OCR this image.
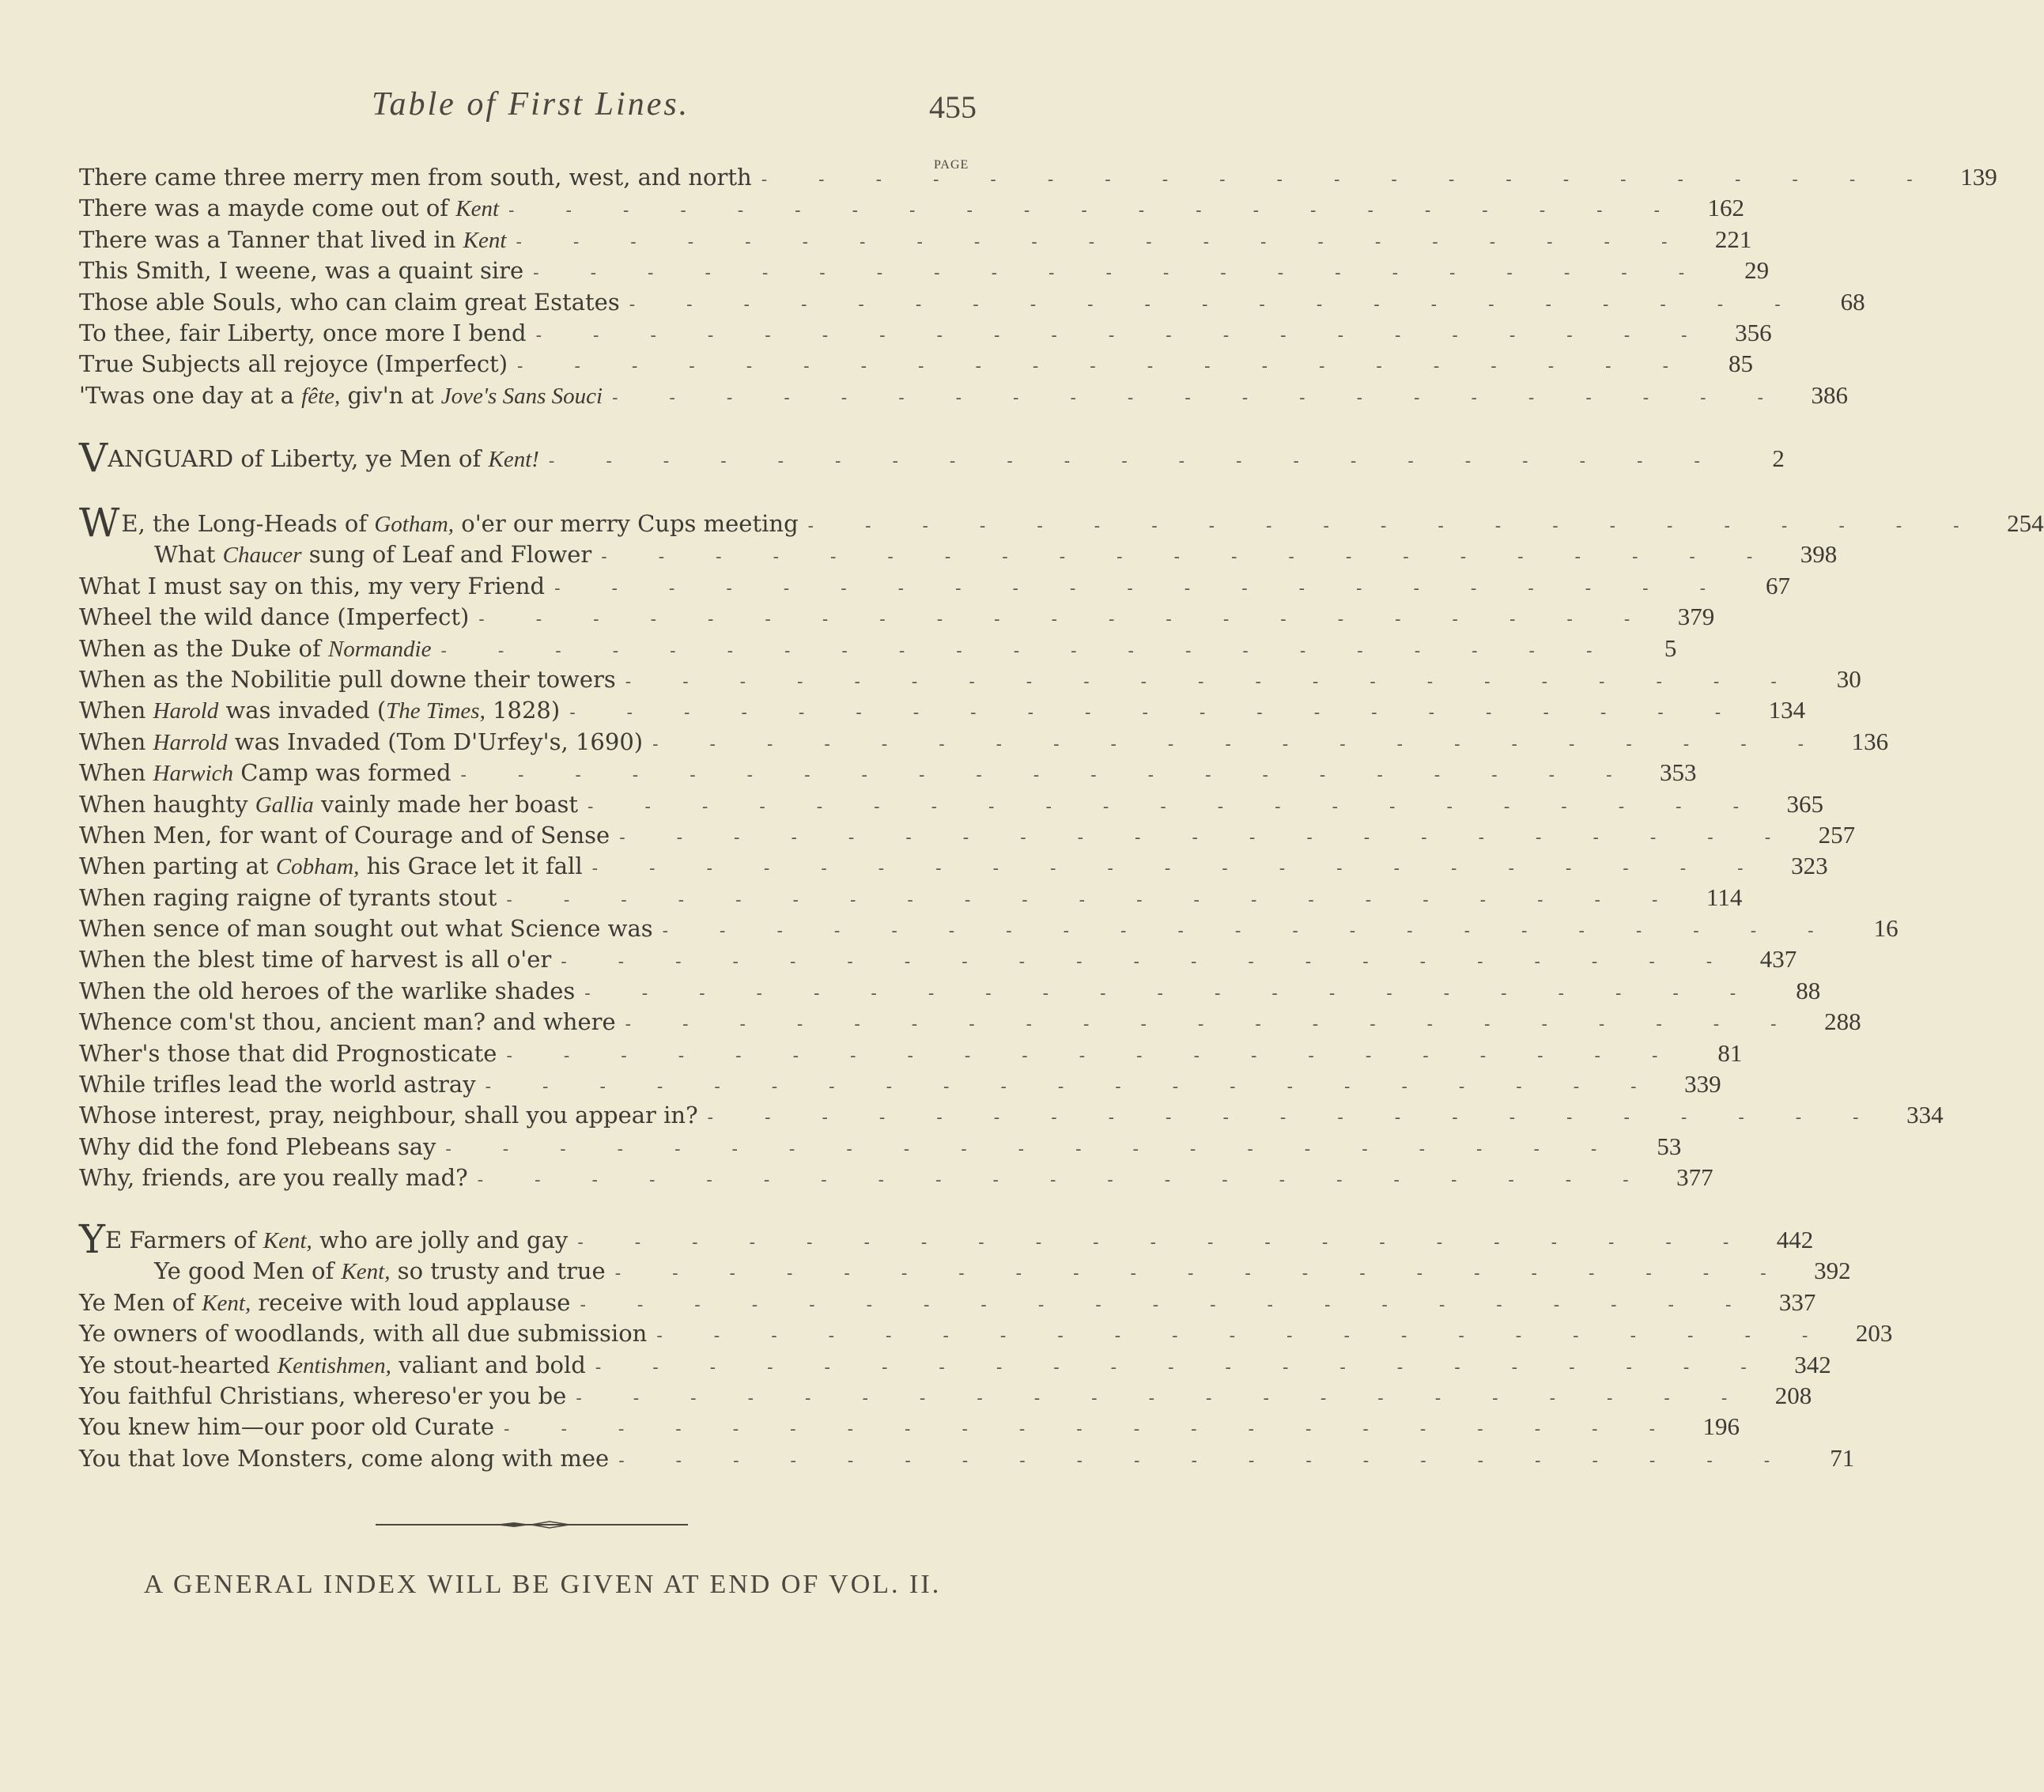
Table of First Lines.	455
PAGE
There came three merry men from south, west, and north - - - - - - - - - - - - - - - - - - - - -	139
There was a mayde come out of Kent - - - - - - - - - - - - - - - - - - - - -	162
There was a Tanner that lived in Kent - - - - - - - - - - - - - - - - - - - - -	221
This Smith, I weene, was a quaint sire - - - - - - - - - - - - - - - - - - - - -	29
Those able Souls, who can claim great Estates - - - - - - - - - - - - - - - - - - - - -	68
To thee, fair Liberty, once more I bend - - - - - - - - - - - - - - - - - - - - -	356
True Subjects all rejoyce (Imperfect) - - - - - - - - - - - - - - - - - - - - -	85
'Twas one day at a fête, giv'n at Jove's Sans Souci - - - - - - - - - - - - - - - - - - - - -	386
VANGUARD of Liberty, ye Men of Kent! - - - - - - - - - - - - - - - - - - - - -	2
WE, the Long-Heads of Gotham, o'er our merry Cups meeting - - - - - - - - - - - - - - - - - - - - -	254
What Chaucer sung of Leaf and Flower - - - - - - - - - - - - - - - - - - - - -	398
What I must say on this, my very Friend - - - - - - - - - - - - - - - - - - - - -	67
Wheel the wild dance (Imperfect) - - - - - - - - - - - - - - - - - - - - -	379
When as the Duke of Normandie - - - - - - - - - - - - - - - - - - - - -	5
When as the Nobilitie pull downe their towers - - - - - - - - - - - - - - - - - - - - -	30
When Harold was invaded (The Times, 1828) - - - - - - - - - - - - - - - - - - - - -	134
When Harrold was Invaded (Tom D'Urfey's, 1690) - - - - - - - - - - - - - - - - - - - - -	136
When Harwich Camp was formed - - - - - - - - - - - - - - - - - - - - -	353
When haughty Gallia vainly made her boast - - - - - - - - - - - - - - - - - - - - -	365
When Men, for want of Courage and of Sense - - - - - - - - - - - - - - - - - - - - -	257
When parting at Cobham, his Grace let it fall - - - - - - - - - - - - - - - - - - - - -	323
When raging raigne of tyrants stout - - - - - - - - - - - - - - - - - - - - -	114
When sence of man sought out what Science was - - - - - - - - - - - - - - - - - - - - -	16
When the blest time of harvest is all o'er - - - - - - - - - - - - - - - - - - - - -	437
When the old heroes of the warlike shades - - - - - - - - - - - - - - - - - - - - -	88
Whence com'st thou, ancient man? and where - - - - - - - - - - - - - - - - - - - - -	288
Wher's those that did Prognosticate - - - - - - - - - - - - - - - - - - - - -	81
While trifles lead the world astray - - - - - - - - - - - - - - - - - - - - -	339
Whose interest, pray, neighbour, shall you appear in? - - - - - - - - - - - - - - - - - - - - -	334
Why did the fond Plebeans say - - - - - - - - - - - - - - - - - - - - -	53
Why, friends, are you really mad? - - - - - - - - - - - - - - - - - - - - -	377
YE Farmers of Kent, who are jolly and gay - - - - - - - - - - - - - - - - - - - - -	442
Ye good Men of Kent, so trusty and true - - - - - - - - - - - - - - - - - - - - -	392
Ye Men of Kent, receive with loud applause - - - - - - - - - - - - - - - - - - - - -	337
Ye owners of woodlands, with all due submission - - - - - - - - - - - - - - - - - - - - -	203
Ye stout-hearted Kentishmen, valiant and bold - - - - - - - - - - - - - - - - - - - - -	342
You faithful Christians, whereso'er you be - - - - - - - - - - - - - - - - - - - - -	208
You knew him—our poor old Curate - - - - - - - - - - - - - - - - - - - - -	196
You that love Monsters, come along with mee - - - - - - - - - - - - - - - - - - - - -	71
A GENERAL INDEX WILL BE GIVEN AT END OF VOL. II.
